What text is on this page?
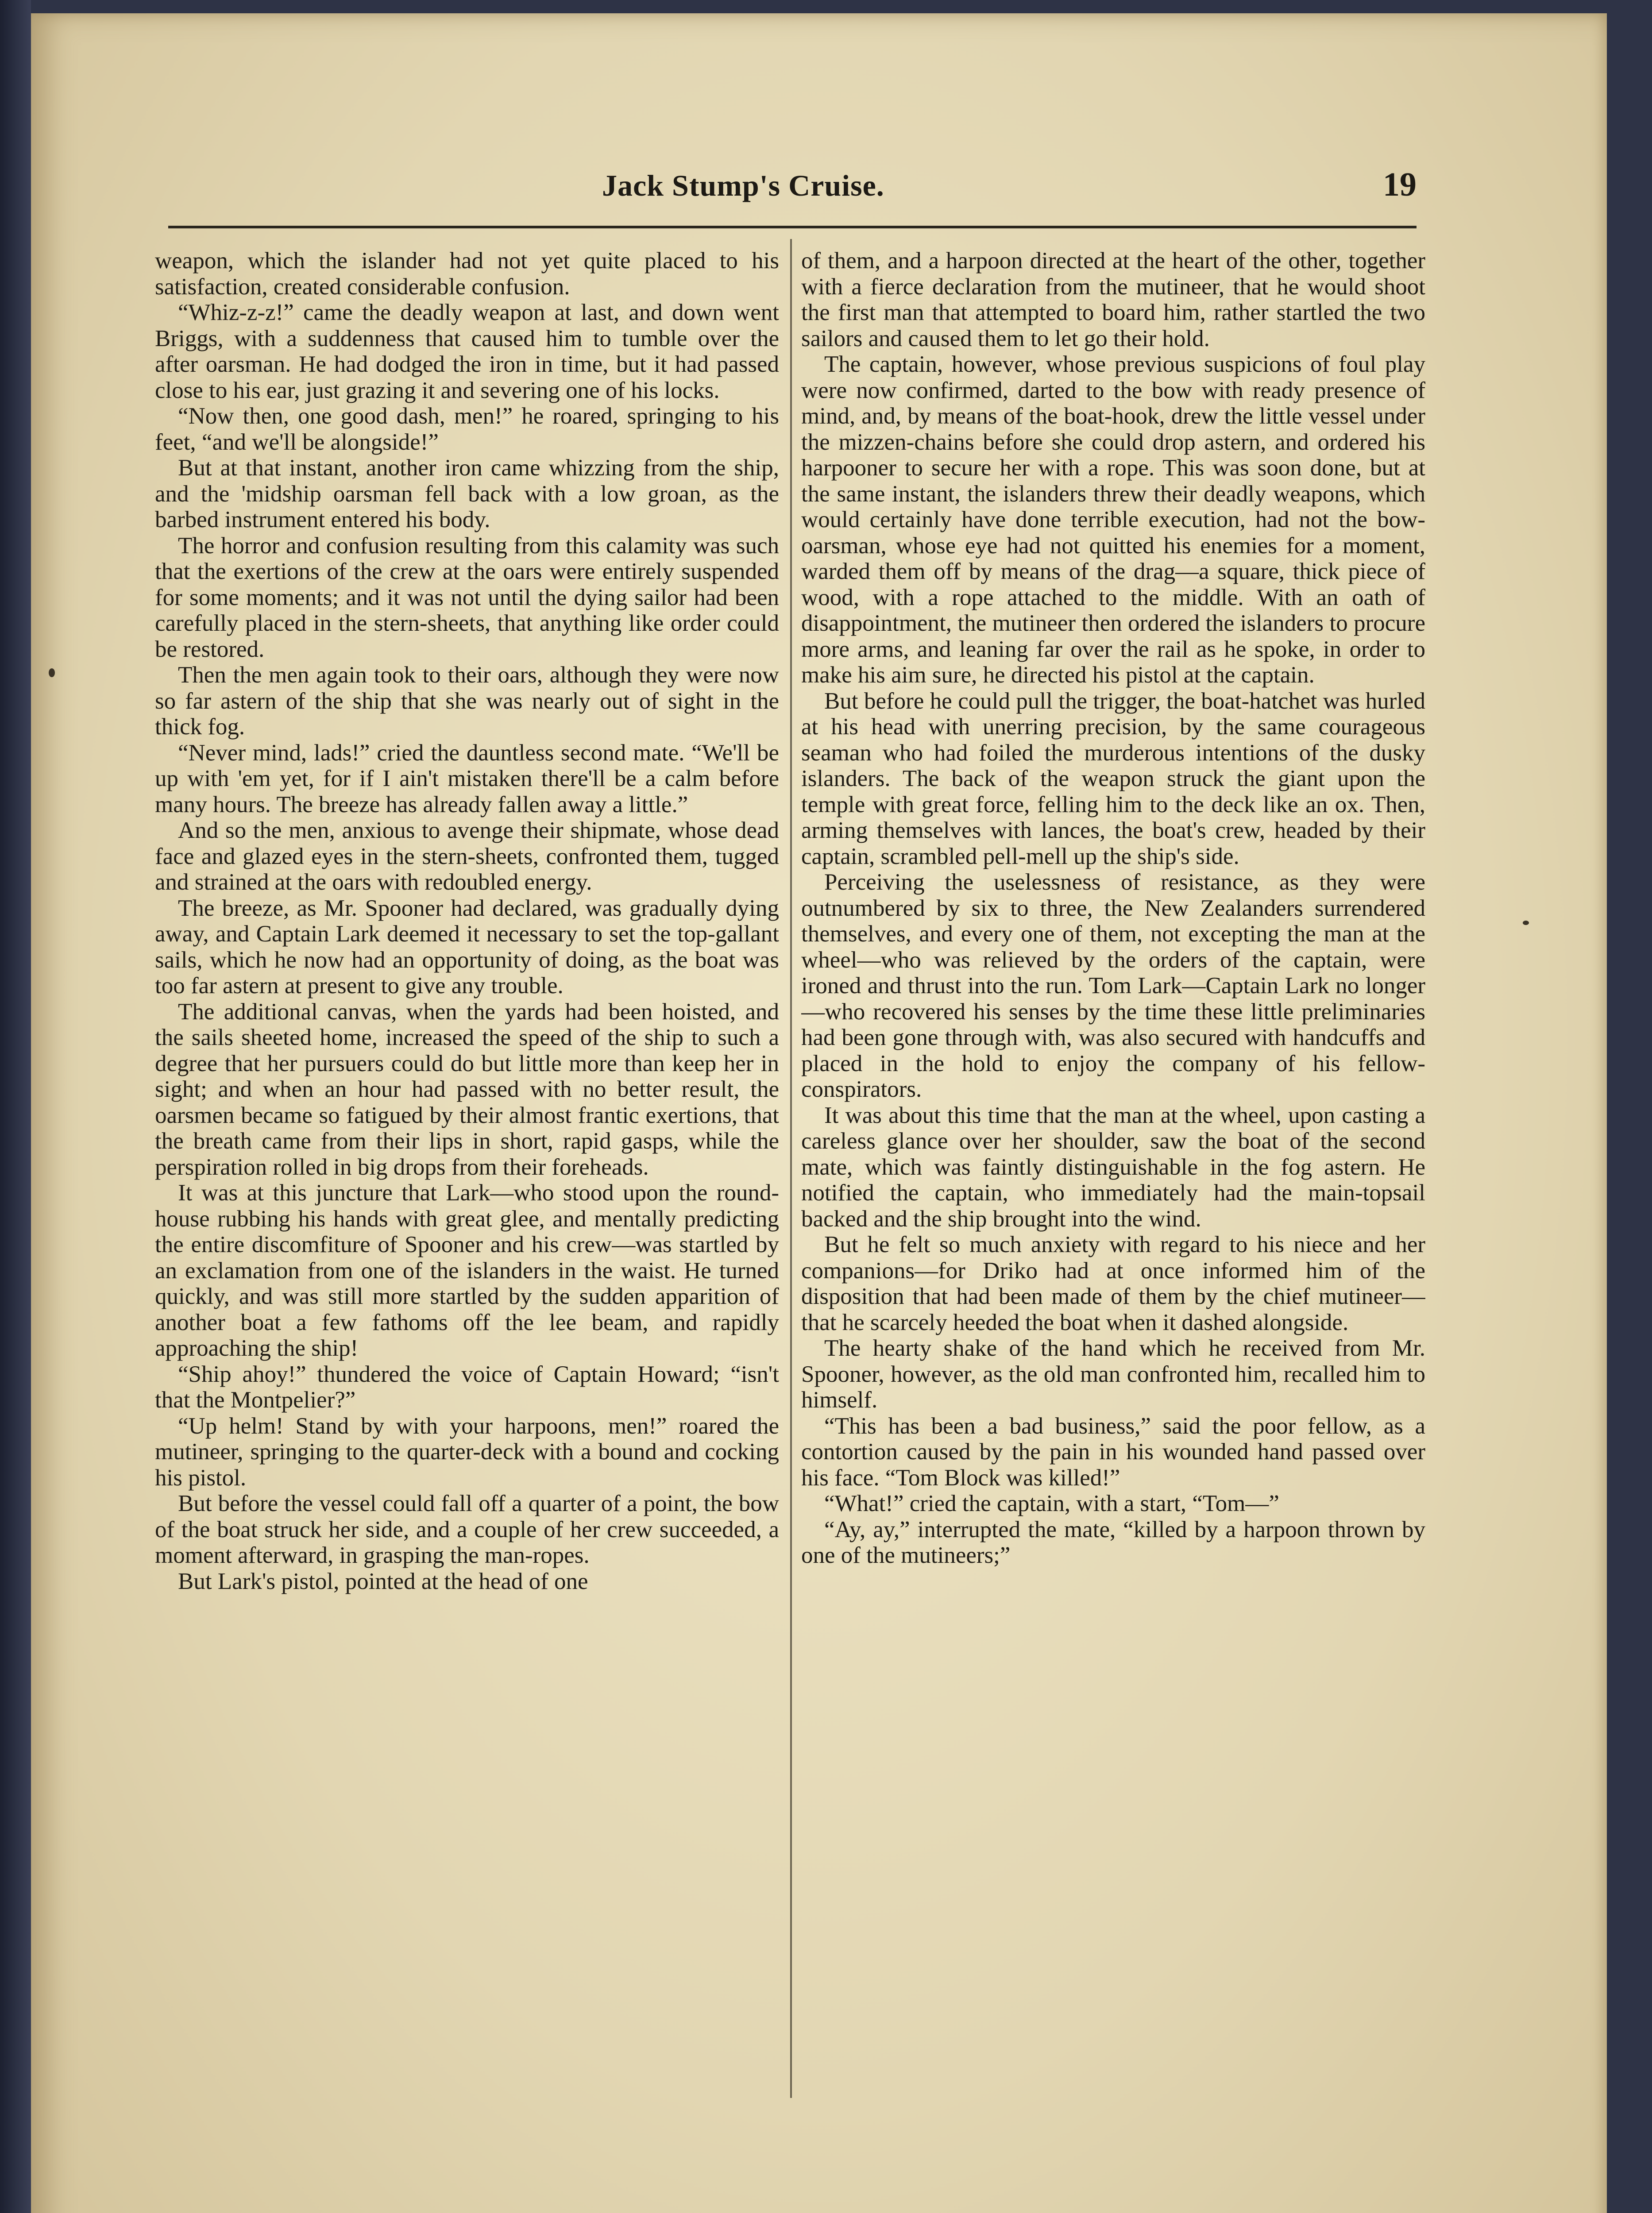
Jack Stump's Cruise.	19

weapon, which the islander had not yet quite placed to his satisfaction, created considerable confusion.

“Whiz-z-z!” came the deadly weapon at last, and down went Briggs, with a suddenness that caused him to tumble over the after oarsman. He had dodged the iron in time, but it had passed close to his ear, just grazing it and severing one of his locks.

“Now then, one good dash, men!” he roared, springing to his feet, “and we'll be alongside!”

But at that instant, another iron came whizzing from the ship, and the 'midship oarsman fell back with a low groan, as the barbed instrument entered his body.

The horror and confusion resulting from this calamity was such that the exertions of the crew at the oars were entirely suspended for some moments; and it was not until the dying sailor had been carefully placed in the stern-sheets, that anything like order could be restored.

Then the men again took to their oars, although they were now so far astern of the ship that she was nearly out of sight in the thick fog.

“Never mind, lads!” cried the dauntless second mate. “We'll be up with 'em yet, for if I ain't mistaken there'll be a calm before many hours. The breeze has already fallen away a little.”

And so the men, anxious to avenge their shipmate, whose dead face and glazed eyes in the stern-sheets, confronted them, tugged and strained at the oars with redoubled energy.

The breeze, as Mr. Spooner had declared, was gradually dying away, and Captain Lark deemed it necessary to set the top-gallant sails, which he now had an opportunity of doing, as the boat was too far astern at present to give any trouble.

The additional canvas, when the yards had been hoisted, and the sails sheeted home, increased the speed of the ship to such a degree that her pursuers could do but little more than keep her in sight; and when an hour had passed with no better result, the oarsmen became so fatigued by their almost frantic exertions, that the breath came from their lips in short, rapid gasps, while the perspiration rolled in big drops from their foreheads.

It was at this juncture that Lark—who stood upon the round-house rubbing his hands with great glee, and mentally predicting the entire discomfiture of Spooner and his crew—was startled by an exclamation from one of the islanders in the waist. He turned quickly, and was still more startled by the sudden apparition of another boat a few fathoms off the lee beam, and rapidly approaching the ship!

“Ship ahoy!” thundered the voice of Captain Howard; “isn't that the Montpelier?”

“Up helm! Stand by with your harpoons, men!” roared the mutineer, springing to the quarter-deck with a bound and cocking his pistol.

But before the vessel could fall off a quarter of a point, the bow of the boat struck her side, and a couple of her crew succeeded, a moment afterward, in grasping the man-ropes.

But Lark's pistol, pointed at the head of one

of them, and a harpoon directed at the heart of the other, together with a fierce declaration from the mutineer, that he would shoot the first man that attempted to board him, rather startled the two sailors and caused them to let go their hold.

The captain, however, whose previous suspicions of foul play were now confirmed, darted to the bow with ready presence of mind, and, by means of the boat-hook, drew the little vessel under the mizzen-chains before she could drop astern, and ordered his harpooner to secure her with a rope. This was soon done, but at the same instant, the islanders threw their deadly weapons, which would certainly have done terrible execution, had not the bow-oarsman, whose eye had not quitted his enemies for a moment, warded them off by means of the drag—a square, thick piece of wood, with a rope attached to the middle. With an oath of disappointment, the mutineer then ordered the islanders to procure more arms, and leaning far over the rail as he spoke, in order to make his aim sure, he directed his pistol at the captain.

But before he could pull the trigger, the boat-hatchet was hurled at his head with unerring precision, by the same courageous seaman who had foiled the murderous intentions of the dusky islanders. The back of the weapon struck the giant upon the temple with great force, felling him to the deck like an ox. Then, arming themselves with lances, the boat's crew, headed by their captain, scrambled pell-mell up the ship's side.

Perceiving the uselessness of resistance, as they were outnumbered by six to three, the New Zealanders surrendered themselves, and every one of them, not excepting the man at the wheel—who was relieved by the orders of the captain, were ironed and thrust into the run. Tom Lark—Captain Lark no longer—who recovered his senses by the time these little preliminaries had been gone through with, was also secured with handcuffs and placed in the hold to enjoy the company of his fellow-conspirators.

It was about this time that the man at the wheel, upon casting a careless glance over her shoulder, saw the boat of the second mate, which was faintly distinguishable in the fog astern. He notified the captain, who immediately had the main-topsail backed and the ship brought into the wind.

But he felt so much anxiety with regard to his niece and her companions—for Driko had at once informed him of the disposition that had been made of them by the chief mutineer—that he scarcely heeded the boat when it dashed alongside.

The hearty shake of the hand which he received from Mr. Spooner, however, as the old man confronted him, recalled him to himself.

“This has been a bad business,” said the poor fellow, as a contortion caused by the pain in his wounded hand passed over his face. “Tom Block was killed!”

“What!” cried the captain, with a start, “Tom—”

“Ay, ay,” interrupted the mate, “killed by a harpoon thrown by one of the mutineers;”
